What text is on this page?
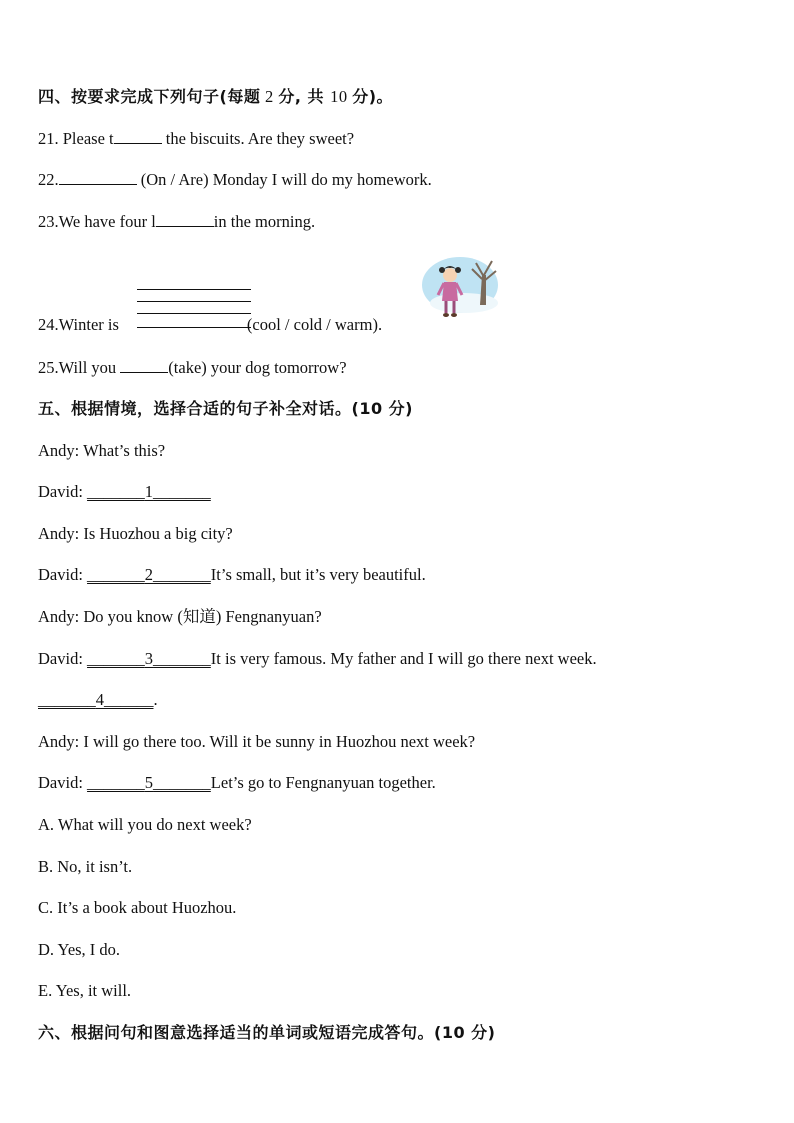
四、按要求完成下列句子(每题 2 分, 共 10 分)。
21. Please t	the biscuits. Are they sweet?
22.	(On / Are) Monday I will do my homework.
23.We have four l	in the morning.
24.Winter is	(cool / cold / warm).
25.Will you	(take) your dog tomorrow?
五、根据情境，选择合适的句子补全对话。(10 分)
Andy: What’s this?
David: _______1_______
Andy: Is Huozhou a big city?
David: _______2_______It’s small, but it’s very beautiful.
Andy: Do you know (知道) Fengnanyuan?
David: _______3_______It is very famous. My father and I will go there next week.
_______4______.
Andy: I will go there too. Will it be sunny in Huozhou next week?
David: _______5_______Let’s go to Fengnanyuan together.
A. What will you do next week?
B. No, it isn’t.
C. It’s a book about Huozhou.
D. Yes, I do.
E. Yes, it will.
六、根据问句和图意选择适当的单词或短语完成答句。(10 分)
